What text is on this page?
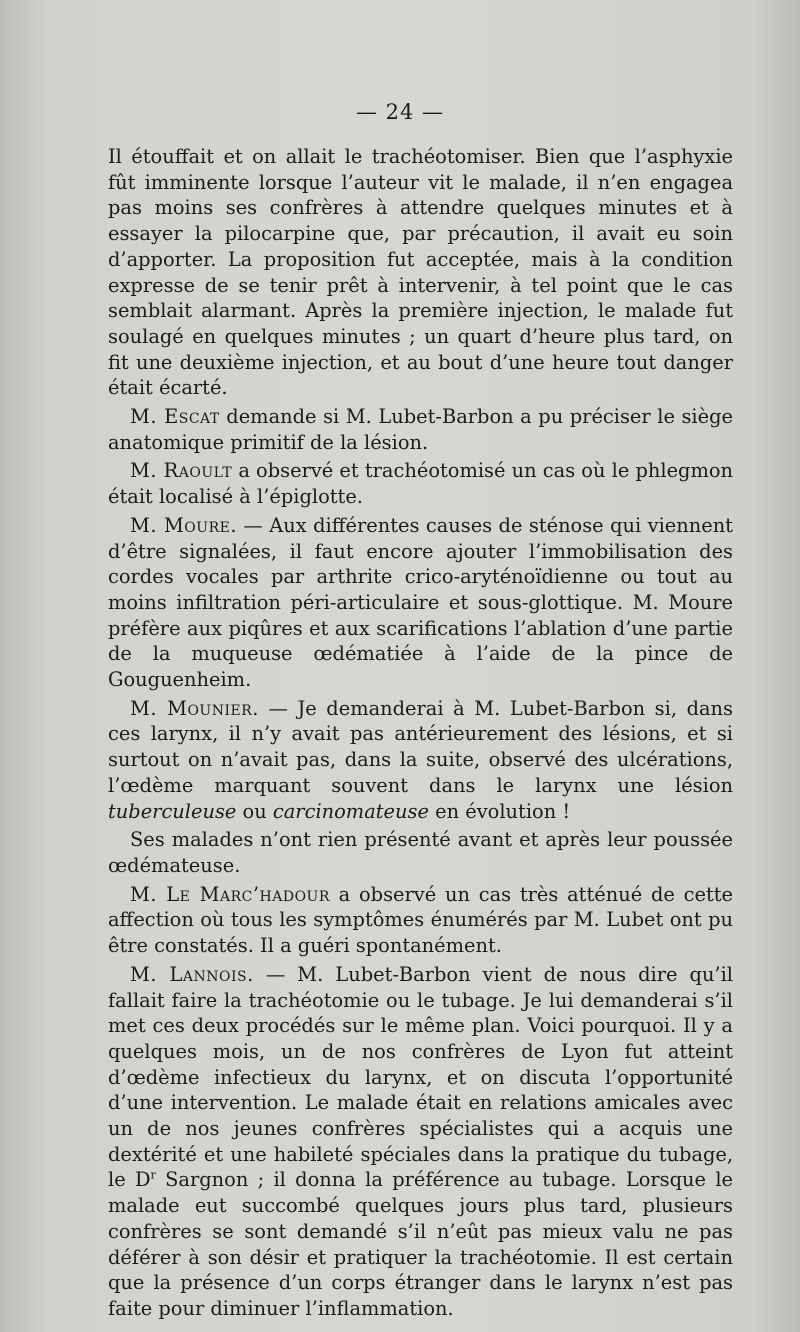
— 24 —

Il étouffait et on allait le trachéotomiser. Bien que l’asphyxie fût imminente lorsque l’auteur vit le malade, il n’en engagea pas moins ses confrères à attendre quelques minutes et à essayer la pilocarpine que, par précaution, il avait eu soin d’apporter. La proposition fut acceptée, mais à la condition expresse de se tenir prêt à intervenir, à tel point que le cas semblait alarmant. Après la première injection, le malade fut soulagé en quelques minutes ; un quart d’heure plus tard, on fit une deuxième injection, et au bout d’une heure tout danger était écarté.

M. Escat demande si M. Lubet-Barbon a pu préciser le siège anatomique primitif de la lésion.

M. Raoult a observé et trachéotomisé un cas où le phlegmon était localisé à l’épiglotte.

M. Moure. — Aux différentes causes de sténose qui viennent d’être signalées, il faut encore ajouter l’immobilisation des cordes vocales par arthrite crico-aryténoïdienne ou tout au moins infiltration péri-articulaire et sous-glottique. M. Moure préfère aux piqûres et aux scarifications l’ablation d’une partie de la muqueuse œdématiée à l’aide de la pince de Gouguenheim.

M. Mounier. — Je demanderai à M. Lubet-Barbon si, dans ces larynx, il n’y avait pas antérieurement des lésions, et si surtout on n’avait pas, dans la suite, observé des ulcérations, l’œdème marquant souvent dans le larynx une lésion tuberculeuse ou carcinomateuse en évolution !

Ses malades n’ont rien présenté avant et après leur poussée œdémateuse.

M. Le Marc’hadour a observé un cas très atténué de cette affection où tous les symptômes énumérés par M. Lubet ont pu être constatés. Il a guéri spontanément.

M. Lannois. — M. Lubet-Barbon vient de nous dire qu’il fallait faire la trachéotomie ou le tubage. Je lui demanderai s’il met ces deux procédés sur le même plan. Voici pourquoi. Il y a quelques mois, un de nos confrères de Lyon fut atteint d’œdème infectieux du larynx, et on discuta l’opportunité d’une intervention. Le malade était en relations amicales avec un de nos jeunes confrères spécialistes qui a acquis une dextérité et une habileté spéciales dans la pratique du tubage, le $D^r$ Sargnon ; il donna la préférence au tubage. Lorsque le malade eut succombé quelques jours plus tard, plusieurs confrères se sont demandé s’il n’eût pas mieux valu ne pas déférer à son désir et pratiquer la trachéotomie. Il est certain que la présence d’un corps étranger dans le larynx n’est pas faite pour diminuer l’inflammation.
